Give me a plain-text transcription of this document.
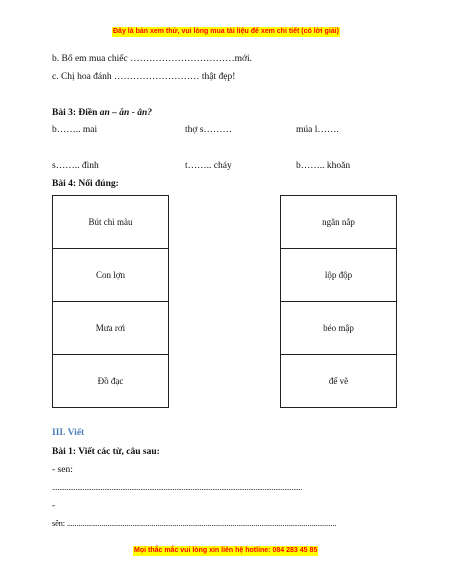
Đây là bản xem thử, vui lòng mua tài liệu để xem chi tiết (có lời giải)
b. Bố em mua chiếc ……………………………mới.
c. Chị hoa đánh ……………………… thật đẹp!
Bài 3: Điền an – ăn - ân?
b…….. mai	thợ s………	múa l…….
s…….. đình	t…….. cháy	b…….. khoăn
Bài 4: Nối đúng:
Bút chì màu
Con lợn
Mưa rơi
Đồ đạc
ngăn nắp
lộp độp
béo mập
đế vẽ
III. Viết
Bài 1: Viết các từ, câu sau:
- sen:
...........................................................................................................................................
-
sên: ............................................................................................................................................
Mọi thắc mắc vui lòng xin liên hệ hotline: 084 283 45 85
